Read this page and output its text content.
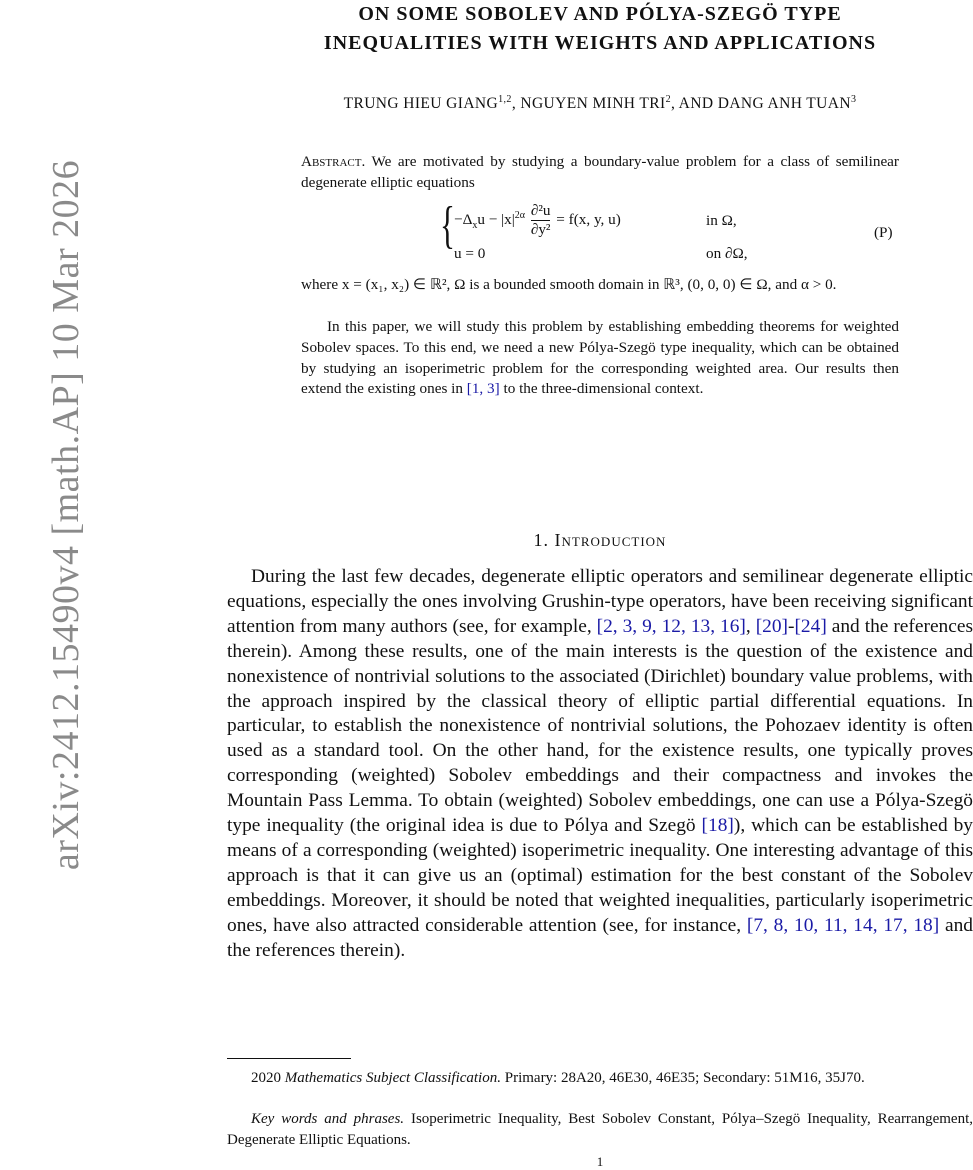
arXiv:2412.15490v4 [math.AP] 10 Mar 2026
ON SOME SOBOLEV AND PÓLYA-SZEGÖ TYPE
INEQUALITIES WITH WEIGHTS AND APPLICATIONS
TRUNG HIEU GIANG$^{1,2}$, NGUYEN MINH TRI$^2$, AND DANG ANH TUAN$^3$
Abstract. We are motivated by studying a boundary-value problem for a class of semilinear degenerate elliptic equations
{ $-\Delta_xu - |x|^{2\alpha} \frac{\text{∂²u}}{\text{∂y²}} = f(x$, y, u)	in Ω,
u = 0	on ∂Ω,
(P)
where x = (x₁, x₂) ∈ ℝ², Ω is a bounded smooth domain in ℝ³, (0, 0, 0) ∈ Ω, and α > 0.
In this paper, we will study this problem by establishing embedding theorems for weighted Sobolev spaces. To this end, we need a new Pólya-Szegö type inequality, which can be obtained by studying an isoperimetric problem for the corresponding weighted area. Our results then extend the existing ones in [1, 3] to the three-dimensional context.
1. Introduction
During the last few decades, degenerate elliptic operators and semilinear degenerate elliptic equations, especially the ones involving Grushin-type operators, have been receiving significant attention from many authors (see, for example, [2, 3, 9, 12, 13, 16], [20]-[24] and the references therein). Among these results, one of the main interests is the question of the existence and nonexistence of nontrivial solutions to the associated (Dirichlet) boundary value problems, with the approach inspired by the classical theory of elliptic partial differential equations. In particular, to establish the nonexistence of nontrivial solutions, the Pohozaev identity is often used as a standard tool. On the other hand, for the existence results, one typically proves corresponding (weighted) Sobolev embeddings and their compactness and invokes the Mountain Pass Lemma. To obtain (weighted) Sobolev embeddings, one can use a Pólya-Szegö type inequality (the original idea is due to Pólya and Szegö [18]), which can be established by means of a corresponding (weighted) isoperimetric inequality. One interesting advantage of this approach is that it can give us an (optimal) estimation for the best constant of the Sobolev embeddings. Moreover, it should be noted that weighted inequalities, particularly isoperimetric ones, have also attracted considerable attention (see, for instance, [7, 8, 10, 11, 14, 17, 18] and the references therein).
2020 Mathematics Subject Classification. Primary: 28A20, 46E30, 46E35; Secondary: 51M16, 35J70.
Key words and phrases. Isoperimetric Inequality, Best Sobolev Constant, Pólya–Szegö Inequality, Rearrangement, Degenerate Elliptic Equations.
1
